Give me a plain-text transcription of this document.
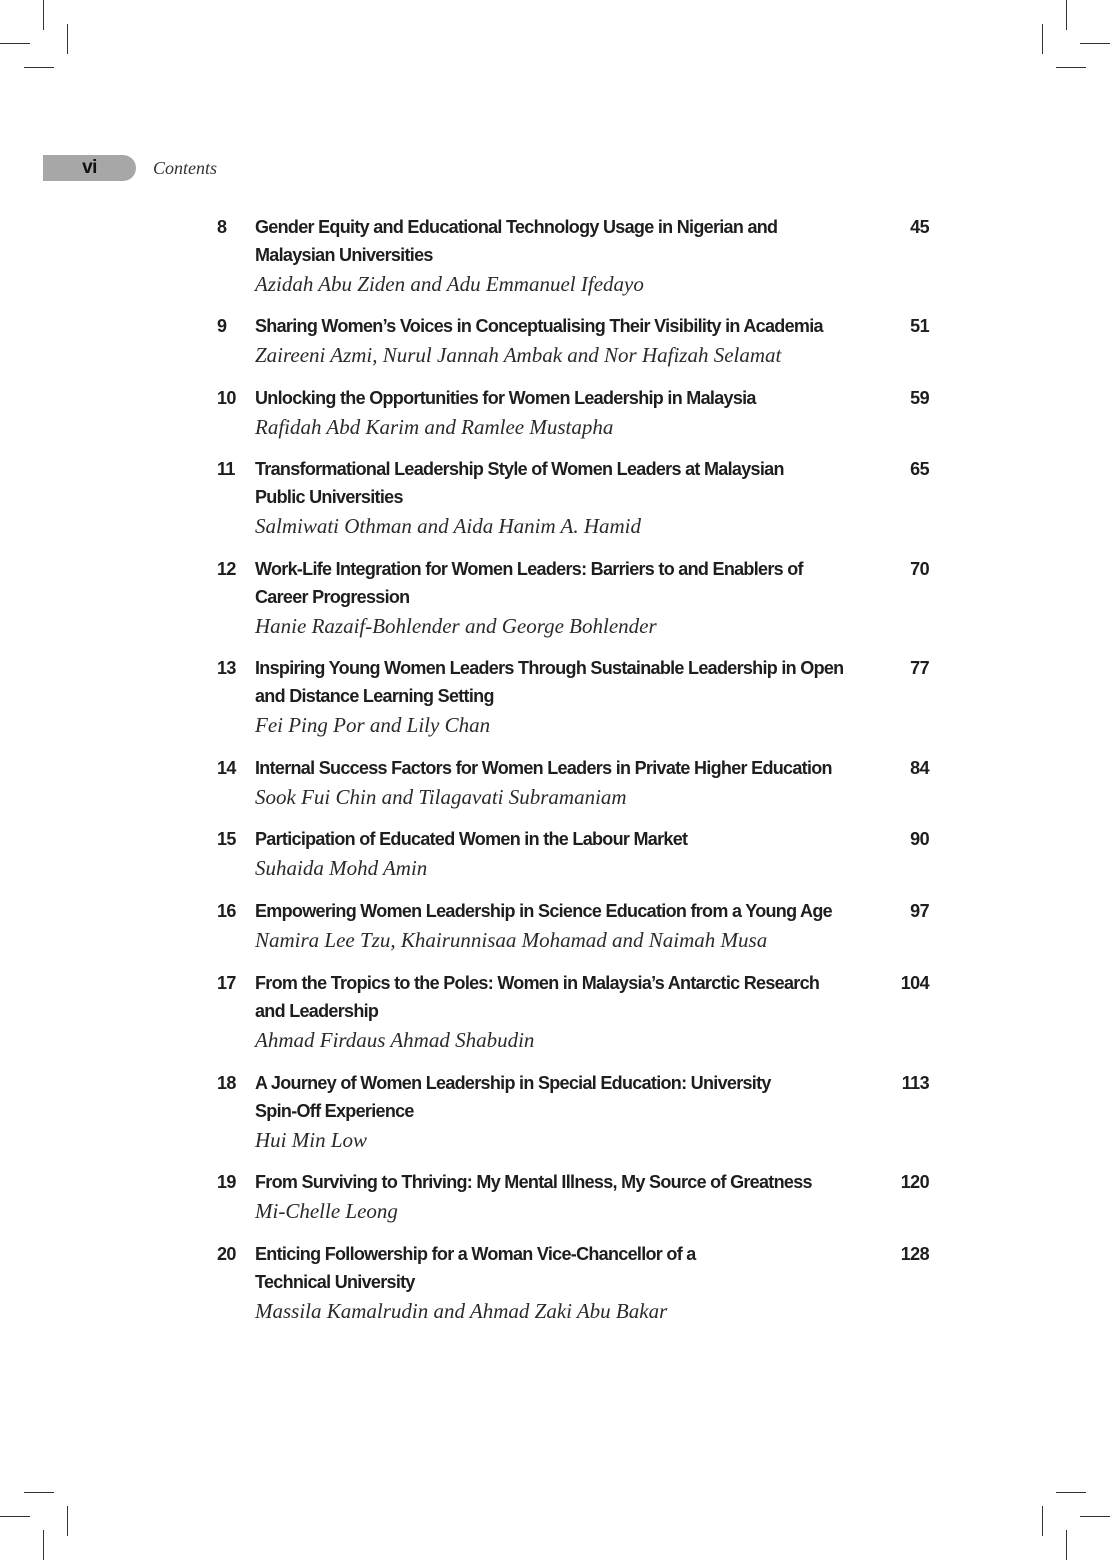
vi	Contents
8 Gender Equity and Educational Technology Usage in Nigerian and
Malaysian Universities
Azidah Abu Ziden and Adu Emmanuel Ifedayo
45
9 Sharing Women’s Voices in Conceptualising Their Visibility in Academia
Zaireeni Azmi, Nurul Jannah Ambak and Nor Hafizah Selamat
51
10 Unlocking the Opportunities for Women Leadership in Malaysia
Rafidah Abd Karim and Ramlee Mustapha
59
11 Transformational Leadership Style of Women Leaders at Malaysian
Public Universities
Salmiwati Othman and Aida Hanim A. Hamid
65
12 Work-Life Integration for Women Leaders: Barriers to and Enablers of
Career Progression
Hanie Razaif-Bohlender and George Bohlender
70
13 Inspiring Young Women Leaders Through Sustainable Leadership in Open
and Distance Learning Setting
Fei Ping Por and Lily Chan
77
14 Internal Success Factors for Women Leaders in Private Higher Education
Sook Fui Chin and Tilagavati Subramaniam
84
15 Participation of Educated Women in the Labour Market
Suhaida Mohd Amin
90
16 Empowering Women Leadership in Science Education from a Young Age
Namira Lee Tzu, Khairunnisaa Mohamad and Naimah Musa
97
17 From the Tropics to the Poles: Women in Malaysia’s Antarctic Research
and Leadership
Ahmad Firdaus Ahmad Shabudin
104
18 A Journey of Women Leadership in Special Education: University
Spin-Off Experience
Hui Min Low
113
19 From Surviving to Thriving: My Mental Illness, My Source of Greatness
Mi-Chelle Leong
120
20 Enticing Followership for a Woman Vice-Chancellor of a
Technical University
Massila Kamalrudin and Ahmad Zaki Abu Bakar
128
